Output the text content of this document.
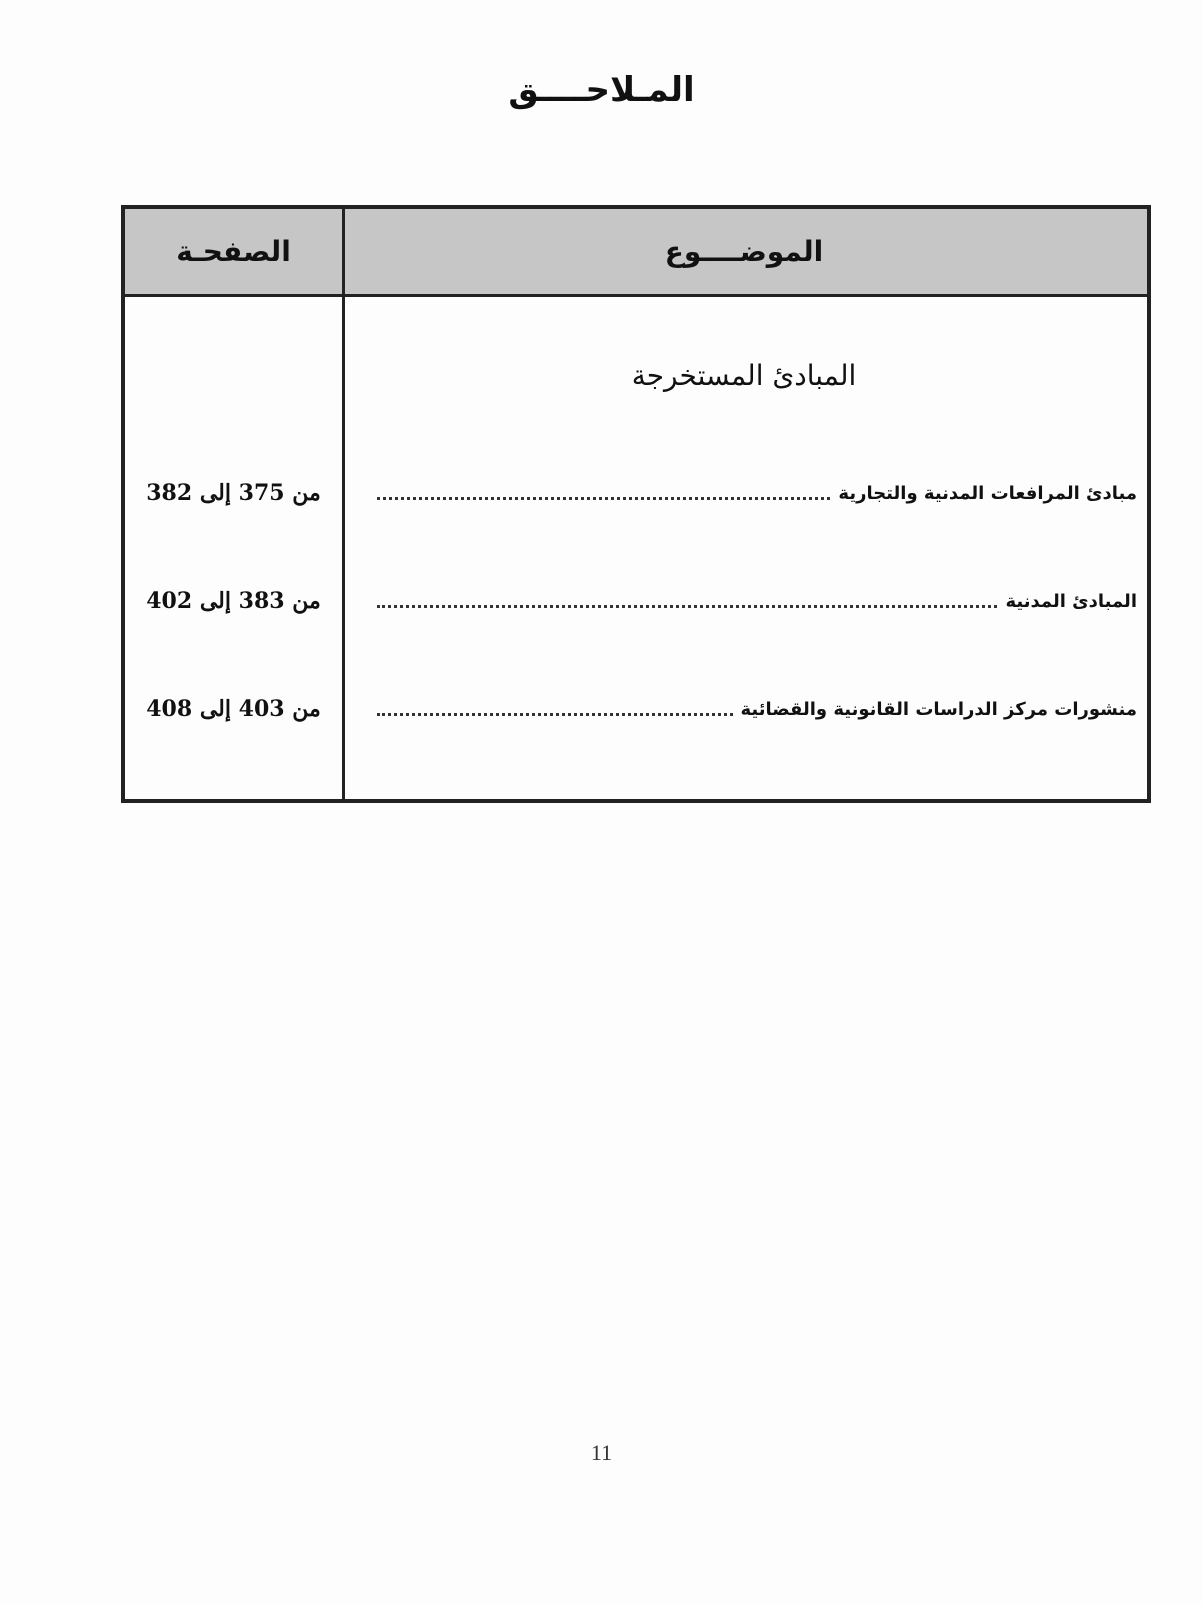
المـلاحــــق
الموضــــوع
الصفحـة
المبادئ المستخرجة
مبادئ المرافعات المدنية والتجارية
من 375 إلى 382
المبادئ المدنية
من 383 إلى 402
منشورات مركز الدراسات القانونية والقضائية
من 403 إلى 408
11
